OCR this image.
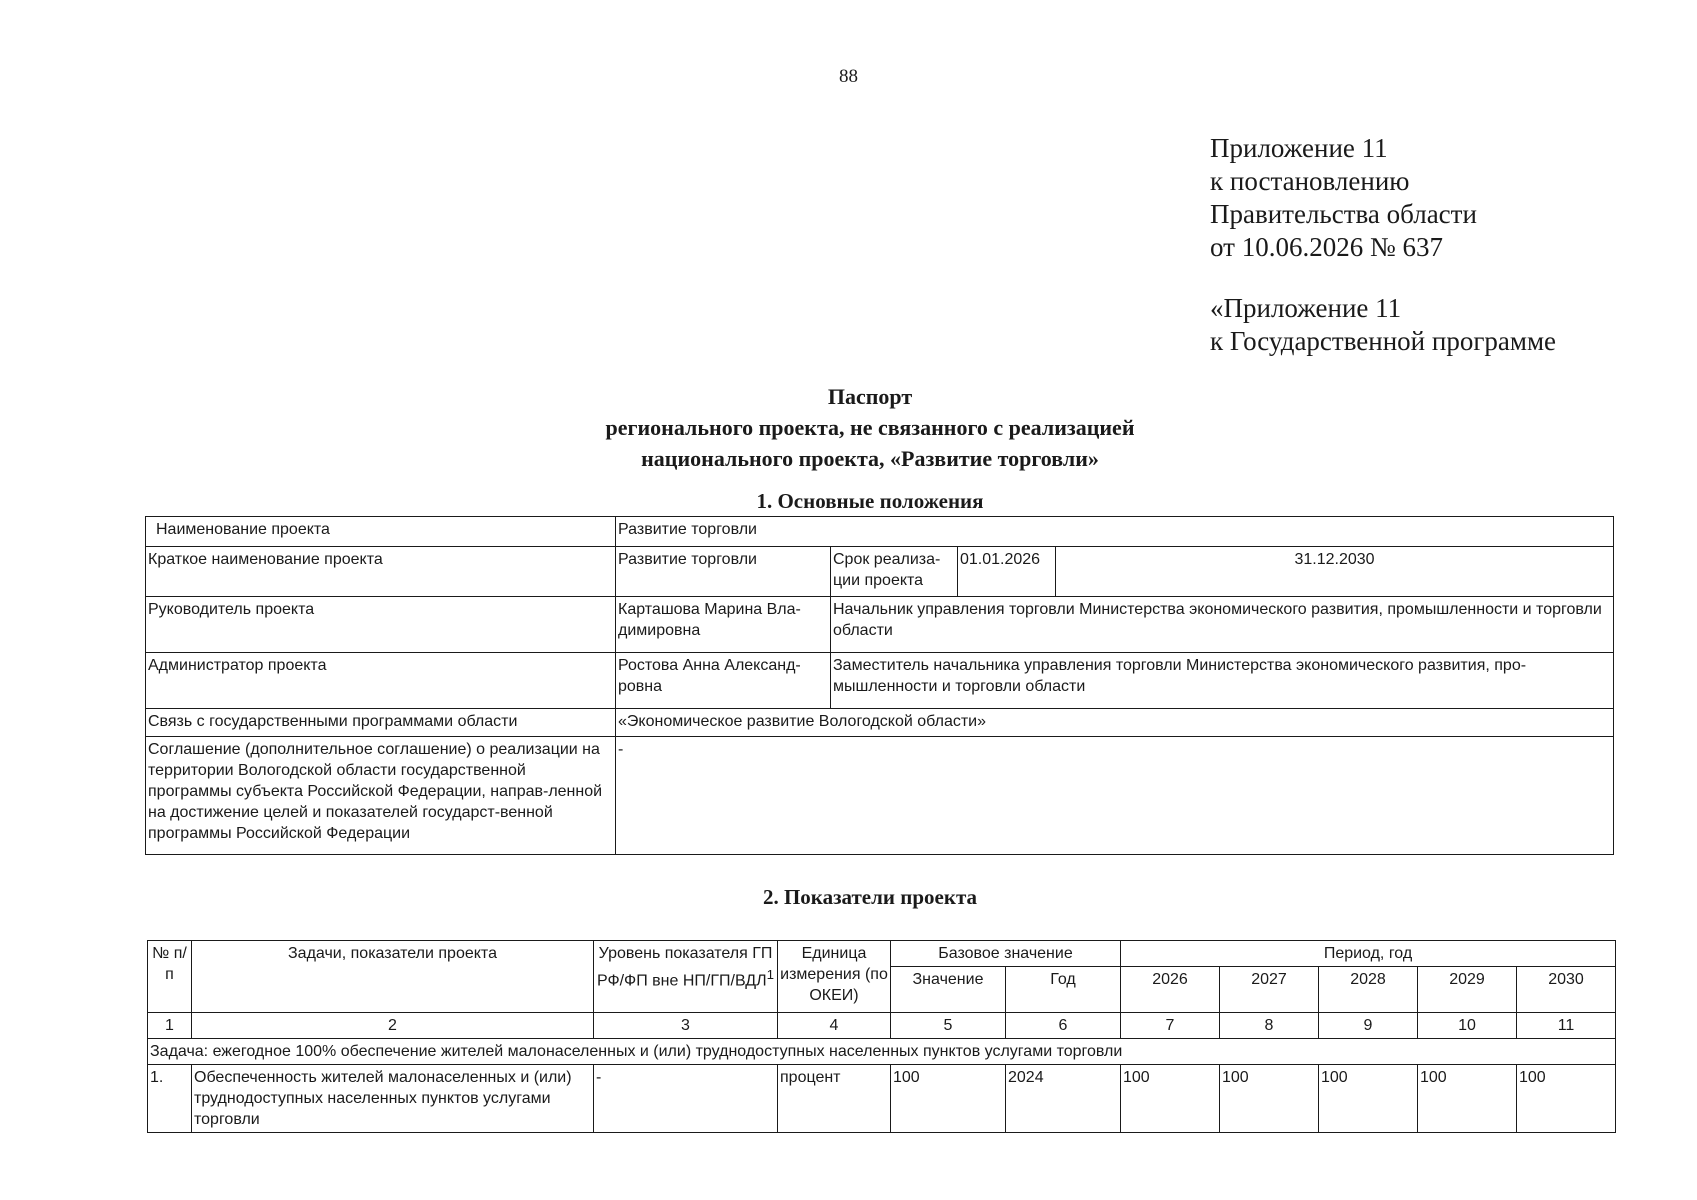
88
Приложение 11
к постановлению
Правительства области
от 10.06.2026 № 637
«Приложение 11
к Государственной программе
Паспорт
регионального проекта, не связанного с реализацией
национального проекта, «Развитие торговли»
1. Основные положения
Наименование проекта	Развитие торговли			
Краткое наименование проекта	Развитие торговли	Срок реализа-ции проекта	01.01.2026	31.12.2030
Руководитель проекта	Карташова Марина Вла-димировна	Начальник управления торговли Министерства экономического развития, промышленности и торговли области		
Администратор проекта	Ростова Анна Александ-ровна	Заместитель начальника управления торговли Министерства экономического развития, про-мышленности и торговли области		
Связь с государственными программами области	«Экономическое развитие Вологодской области»			
Соглашение (дополнительное соглашение) о реализации на территории Вологодской области государственной программы субъекта Российской Федерации, направ-ленной на достижение целей и показателей государст-венной программы Российской Федерации	-			
2. Показатели проекта
№ п/п	Задачи, показатели проекта	Уровень показателя ГП РФ/ФП вне НП/ГП/ВДЛ$^1$	Единица измерения (по ОКЕИ)	Базовое значение		Период, год				
				Значение	Год	2026	2027	2028	2029	2030
1	2	3	4	5	6	7	8	9	10	11
Задача: ежегодное 100% обеспечение жителей малонаселенных и (или) труднодоступных населенных пунктов услугами торговли										
1.	Обеспеченность жителей малонаселенных и (или) труднодоступных населенных пунктов услугами торговли	-	процент	100	2024	100	100	100	100	100
